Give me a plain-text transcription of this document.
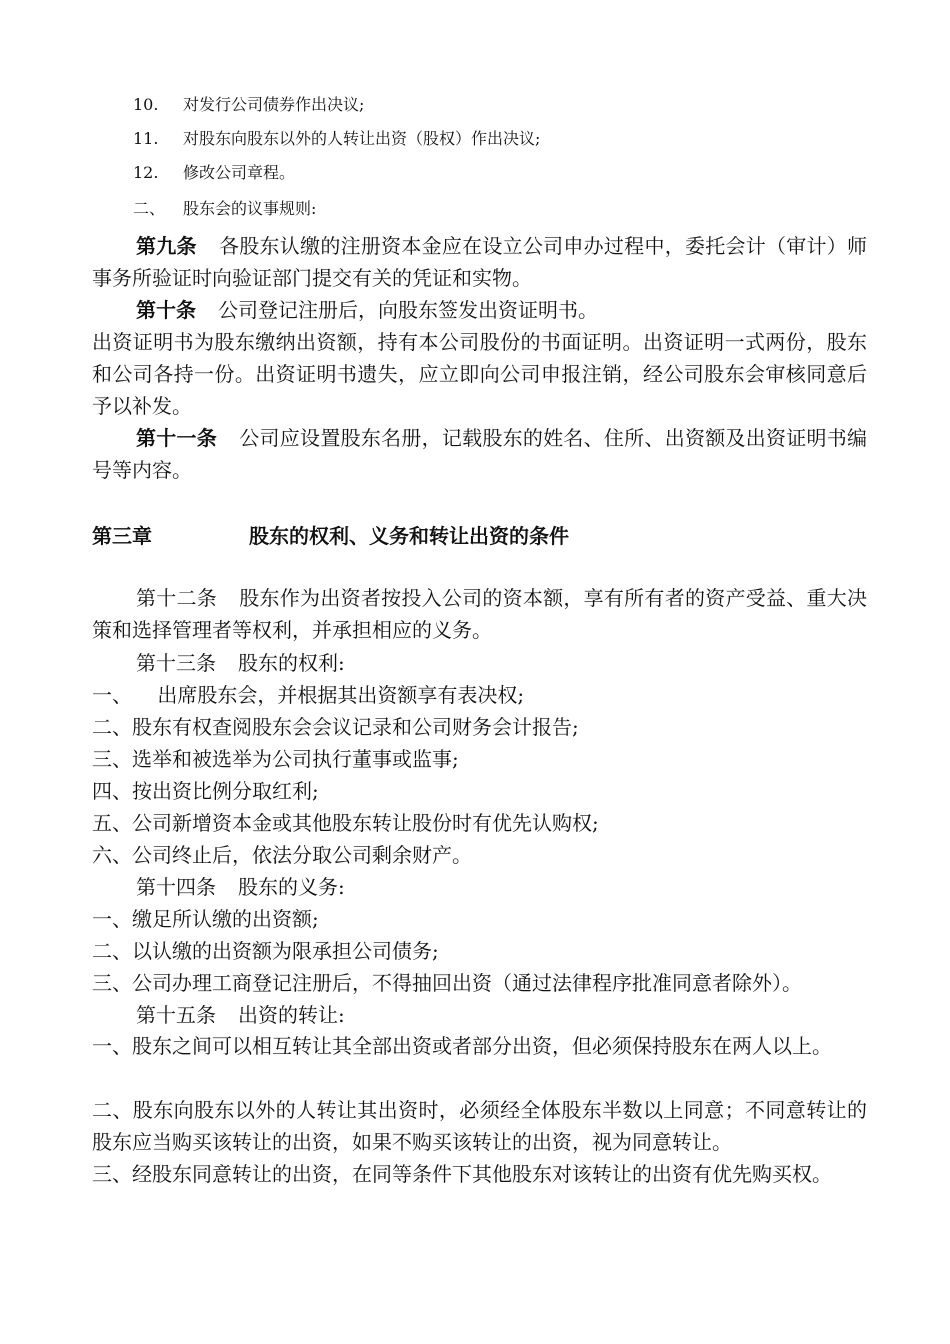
10. 对发行公司债券作出决议;
11. 对股东向股东以外的人转让出资（股权）作出决议;
12. 修改公司章程。
二、 股东会的议事规则:
第九条 各股东认缴的注册资本金应在设立公司申办过程中，委托会计（审计）师事务所验证时向验证部门提交有关的凭证和实物。
第十条 公司登记注册后，向股东签发出资证明书。
出资证明书为股东缴纳出资额，持有本公司股份的书面证明。出资证明一式两份，股东和公司各持一份。出资证明书遗失，应立即向公司申报注销，经公司股东会审核同意后予以补发。
第十一条 公司应设置股东名册，记载股东的姓名、住所、出资额及出资证明书编号等内容。
第三章	股东的权利、义务和转让出资的条件
第十二条 股东作为出资者按投入公司的资本额，享有所有者的资产受益、重大决策和选择管理者等权利，并承担相应的义务。
第十三条 股东的权利:
一、    出席股东会，并根据其出资额享有表决权;
二、股东有权查阅股东会会议记录和公司财务会计报告;
三、选举和被选举为公司执行董事或监事;
四、按出资比例分取红利;
五、公司新增资本金或其他股东转让股份时有优先认购权;
六、公司终止后，依法分取公司剩余财产。
第十四条 股东的义务:
一、缴足所认缴的出资额;
二、以认缴的出资额为限承担公司债务;
三、公司办理工商登记注册后，不得抽回出资（通过法律程序批准同意者除外）。
第十五条 出资的转让:
一、股东之间可以相互转让其全部出资或者部分出资，但必须保持股东在两人以上。
二、股东向股东以外的人转让其出资时，必须经全体股东半数以上同意；不同意转让的股东应当购买该转让的出资，如果不购买该转让的出资，视为同意转让。
三、经股东同意转让的出资，在同等条件下其他股东对该转让的出资有优先购买权。
